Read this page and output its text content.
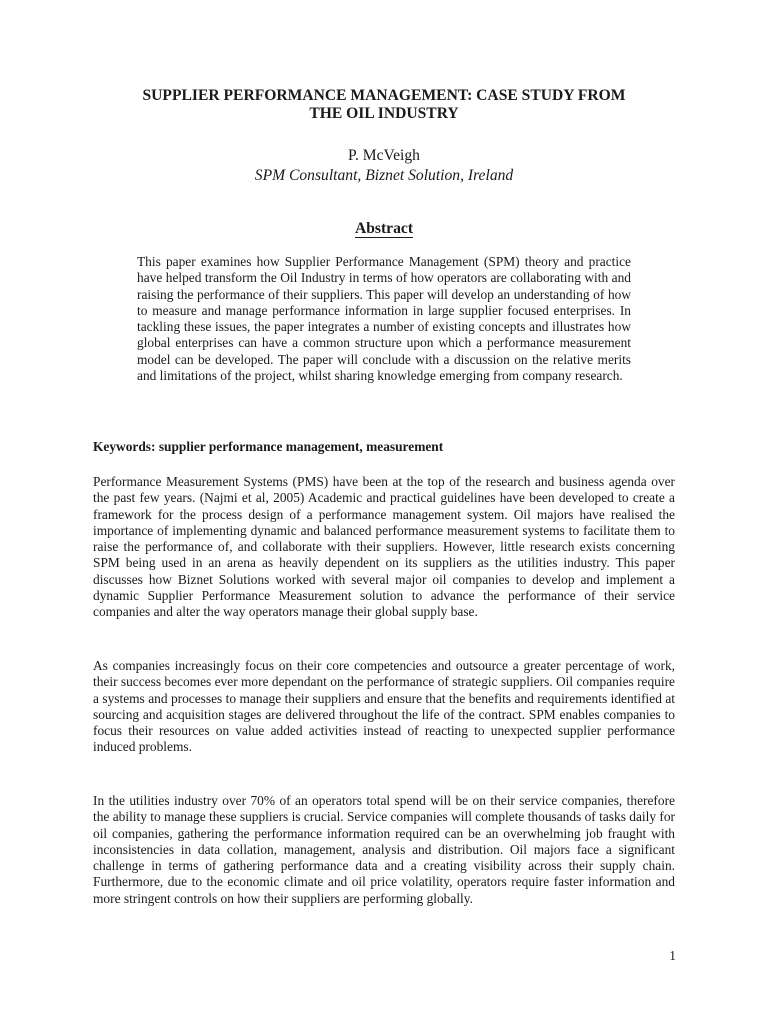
SUPPLIER PERFORMANCE MANAGEMENT: CASE STUDY FROM
THE OIL INDUSTRY
P. McVeigh
SPM Consultant, Biznet Solution, Ireland
Abstract
This paper examines how Supplier Performance Management (SPM) theory and practice have helped transform the Oil Industry in terms of how operators are collaborating with and raising the performance of their suppliers. This paper will develop an understanding of how to measure and manage performance information in large supplier focused enterprises. In tackling these issues, the paper integrates a number of existing concepts and illustrates how global enterprises can have a common structure upon which a performance measurement model can be developed. The paper will conclude with a discussion on the relative merits and limitations of the project, whilst sharing knowledge emerging from company research.
Keywords: supplier performance management, measurement

Performance Measurement Systems (PMS) have been at the top of the research and business agenda over the past few years. (Najmi et al, 2005) Academic and practical guidelines have been developed to create a framework for the process design of a performance management system. Oil majors have realised the importance of implementing dynamic and balanced performance measurement systems to facilitate them to raise the performance of, and collaborate with their suppliers. However, little research exists concerning SPM being used in an arena as heavily dependent on its suppliers as the utilities industry. This paper discusses how Biznet Solutions worked with several major oil companies to develop and implement a dynamic Supplier Performance Measurement solution to advance the performance of their service companies and alter the way operators manage their global supply base.

As companies increasingly focus on their core competencies and outsource a greater percentage of work, their success becomes ever more dependant on the performance of strategic suppliers. Oil companies require a systems and processes to manage their suppliers and ensure that the benefits and requirements identified at sourcing and acquisition stages are delivered throughout the life of the contract. SPM enables companies to focus their resources on value added activities instead of reacting to unexpected supplier performance induced problems.

In the utilities industry over 70% of an operators total spend will be on their service companies, therefore the ability to manage these suppliers is crucial. Service companies will complete thousands of tasks daily for oil companies, gathering the performance information required can be an overwhelming job fraught with inconsistencies in data collation, management, analysis and distribution. Oil majors face a significant challenge in terms of gathering performance data and a creating visibility across their supply chain. Furthermore, due to the economic climate and oil price volatility, operators require faster information and more stringent controls on how their suppliers are performing globally.

1
